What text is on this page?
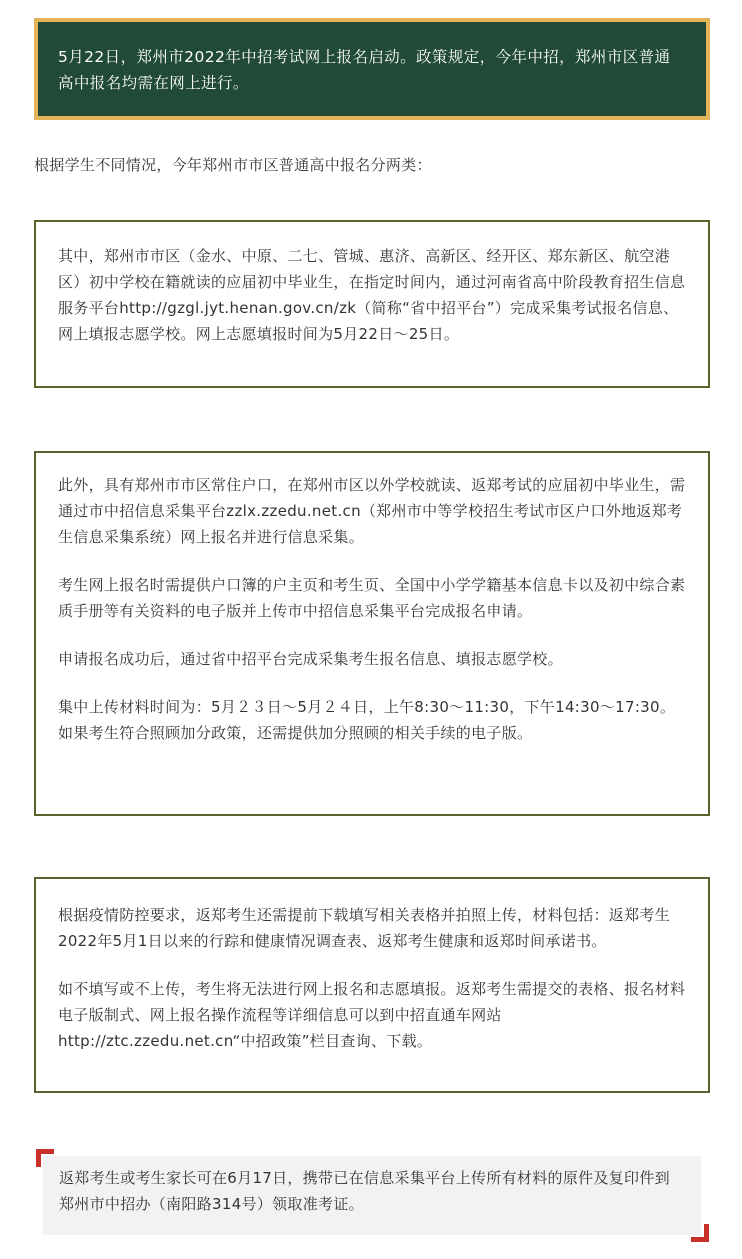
5月22日，郑州市2022年中招考试网上报名启动。政策规定，今年中招，郑州市区普通高中报名均需在网上进行。
根据学生不同情况，今年郑州市市区普通高中报名分两类：

其中，郑州市市区（金水、中原、二七、管城、惠济、高新区、经开区、郑东新区、航空港区）初中学校在籍就读的应届初中毕业生，在指定时间内，通过河南省高中阶段教育招生信息服务平台http://gzgl.jyt.henan.gov.cn/zk（简称“省中招平台”）完成采集考试报名信息、网上填报志愿学校。网上志愿填报时间为5月22日～25日。

此外，具有郑州市市区常住户口，在郑州市区以外学校就读、返郑考试的应届初中毕业生，需通过市中招信息采集平台zzlx.zzedu.net.cn（郑州市中等学校招生考试市区户口外地返郑考生信息采集系统）网上报名并进行信息采集。

考生网上报名时需提供户口簿的户主页和考生页、全国中小学学籍基本信息卡以及初中综合素质手册等有关资料的电子版并上传市中招信息采集平台完成报名申请。

申请报名成功后，通过省中招平台完成采集考生报名信息、填报志愿学校。

集中上传材料时间为：5月２３日～5月２４日，上午8:30～11:30，下午14:30～17:30。如果考生符合照顾加分政策，还需提供加分照顾的相关手续的电子版。

根据疫情防控要求，返郑考生还需提前下载填写相关表格并拍照上传，材料包括：返郑考生2022年5月1日以来的行踪和健康情况调查表、返郑考生健康和返郑时间承诺书。

如不填写或不上传，考生将无法进行网上报名和志愿填报。返郑考生需提交的表格、报名材料电子版制式、网上报名操作流程等详细信息可以到中招直通车网站http://ztc.zzedu.net.cn“中招政策”栏目查询、下载。

返郑考生或考生家长可在6月17日，携带已在信息采集平台上传所有材料的原件及复印件到郑州市中招办（南阳路314号）领取准考证。
